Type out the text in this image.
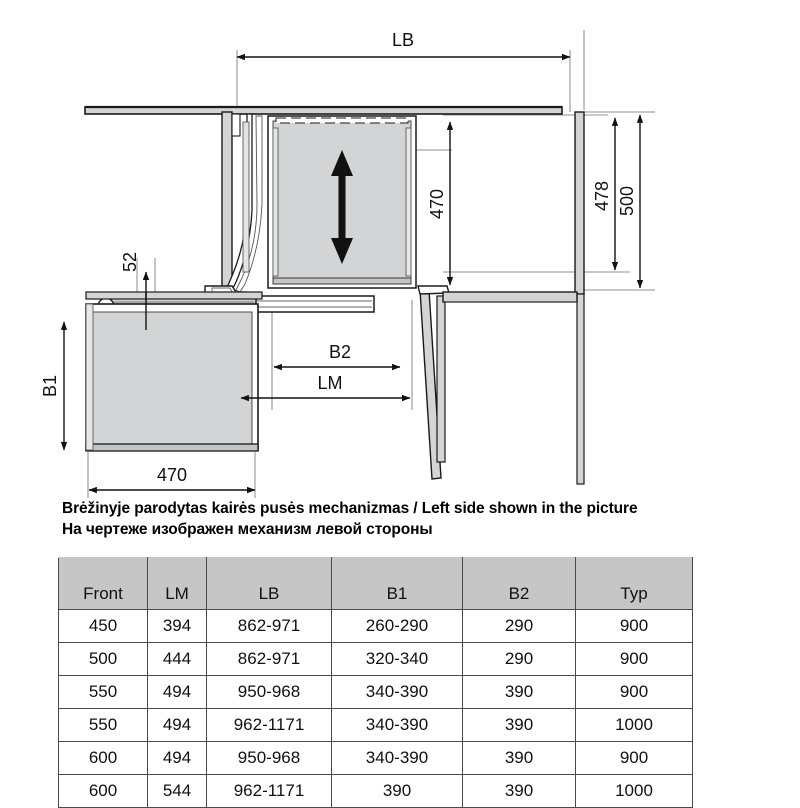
LB
470	478 500
52
B1
B2
LM
470
Brėžinyje parodytas kairės pusės mechanizmas / Left side shown in the picture
На чертеже изображен механизм левой стороны
Front	LM	LB	B1	B2	Typ
450	394	862-971	260-290	290	900
500	444	862-971	320-340	290	900
550	494	950-968	340-390	390	900
550	494	962-1171	340-390	390	1000
600	494	950-968	340-390	390	900
600	544	962-1171	390	390	1000
